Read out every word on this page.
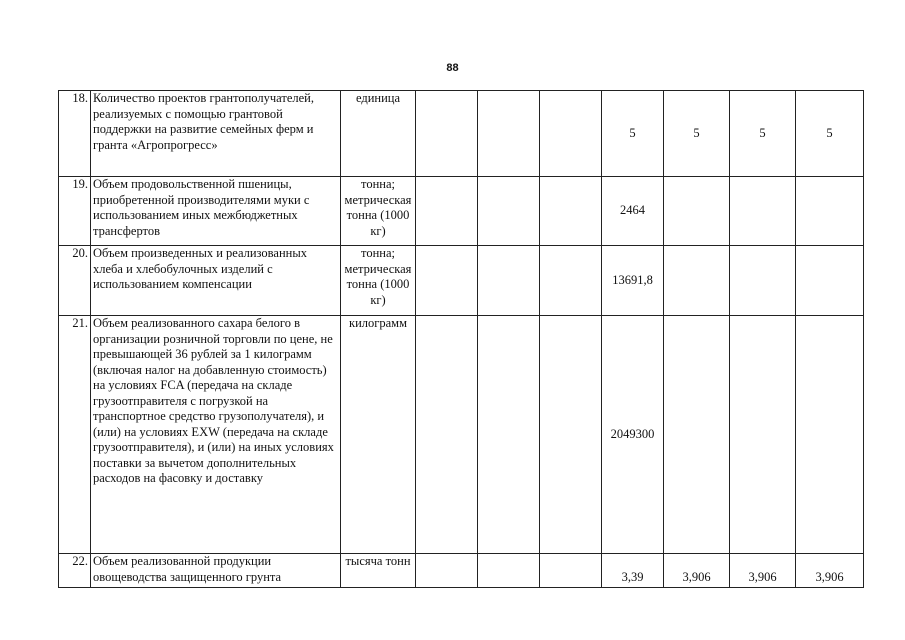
88
18.	Количество проектов грантополучателей, реализуемых с помощью грантовой поддержки на развитие семейных ферм и гранта «Агропрогресс»	единица				5	5	5	5
19.	Объем продовольственной пшеницы, приобретенной производителями муки с использованием иных межбюджетных трансфертов	тонна; метрическая тонна (1000 кг)				2464			
20.	Объем произведенных и реализованных хлеба и хлебобулочных изделий с использованием компенсации	тонна; метрическая тонна (1000 кг)				13691,8			
21.	Объем реализованного сахара белого в организации розничной торговли по цене, не превышающей 36 рублей за 1 килограмм (включая налог на добавленную стоимость) на условиях FCA (передача на складе грузоотправителя с погрузкой на транспортное средство грузополучателя), и (или) на условиях EXW (передача на складе грузоотправителя), и (или) на иных условиях поставки за вычетом дополнительных расходов на фасовку и доставку	килограмм				2049300			
22.	Объем реализованной продукции овощеводства защищенного грунта	тысяча тонн				3,39	3,906	3,906	3,906
